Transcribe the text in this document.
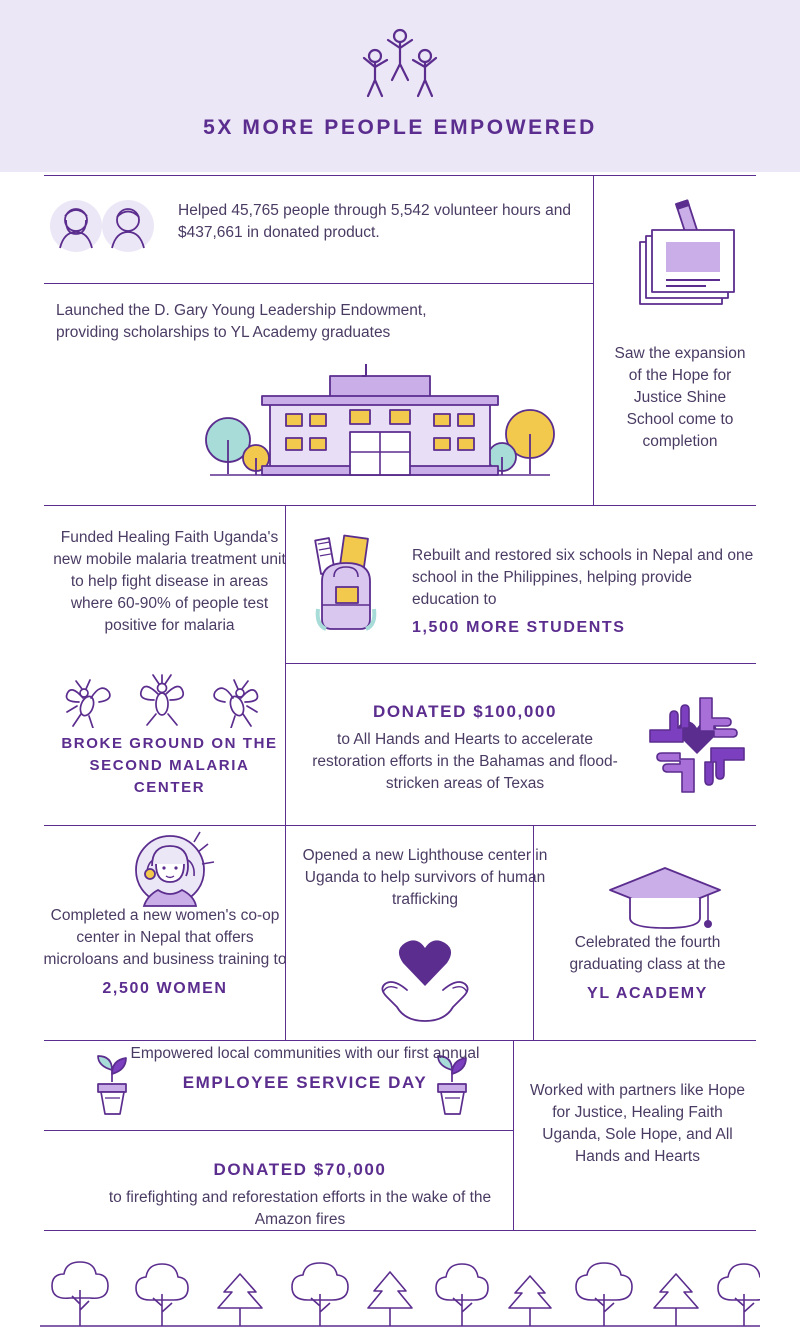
5X MORE PEOPLE EMPOWERED
Helped 45,765 people through 5,542 volunteer hours and $437,661 in donated product.
Saw the expansion of the Hope for Justice Shine School come to completion
Launched the D. Gary Young Leadership Endowment, providing scholarships to YL Academy graduates
Funded Healing Faith Uganda's new mobile malaria treatment unit to help fight disease in areas where 60-90% of people test positive for malaria
BROKE GROUND ON THE SECOND MALARIA CENTER
Rebuilt and restored six schools in Nepal and one school in the Philippines, helping provide education to
1,500 MORE STUDENTS
DONATED $100,000
to All Hands and Hearts to accelerate restoration efforts in the Bahamas and flood-stricken areas of Texas
Completed a new women's co-op center in Nepal that offers microloans and business training to
2,500 WOMEN
Opened a new Lighthouse center in Uganda to help survivors of human trafficking
Celebrated the fourth graduating class at the
YL ACADEMY
Empowered local communities with our first annual
EMPLOYEE SERVICE DAY	Worked with partners like Hope for Justice, Healing Faith Uganda, Sole Hope, and All Hands and Hearts
DONATED $70,000
to firefighting and reforestation efforts in the wake of the Amazon fires
